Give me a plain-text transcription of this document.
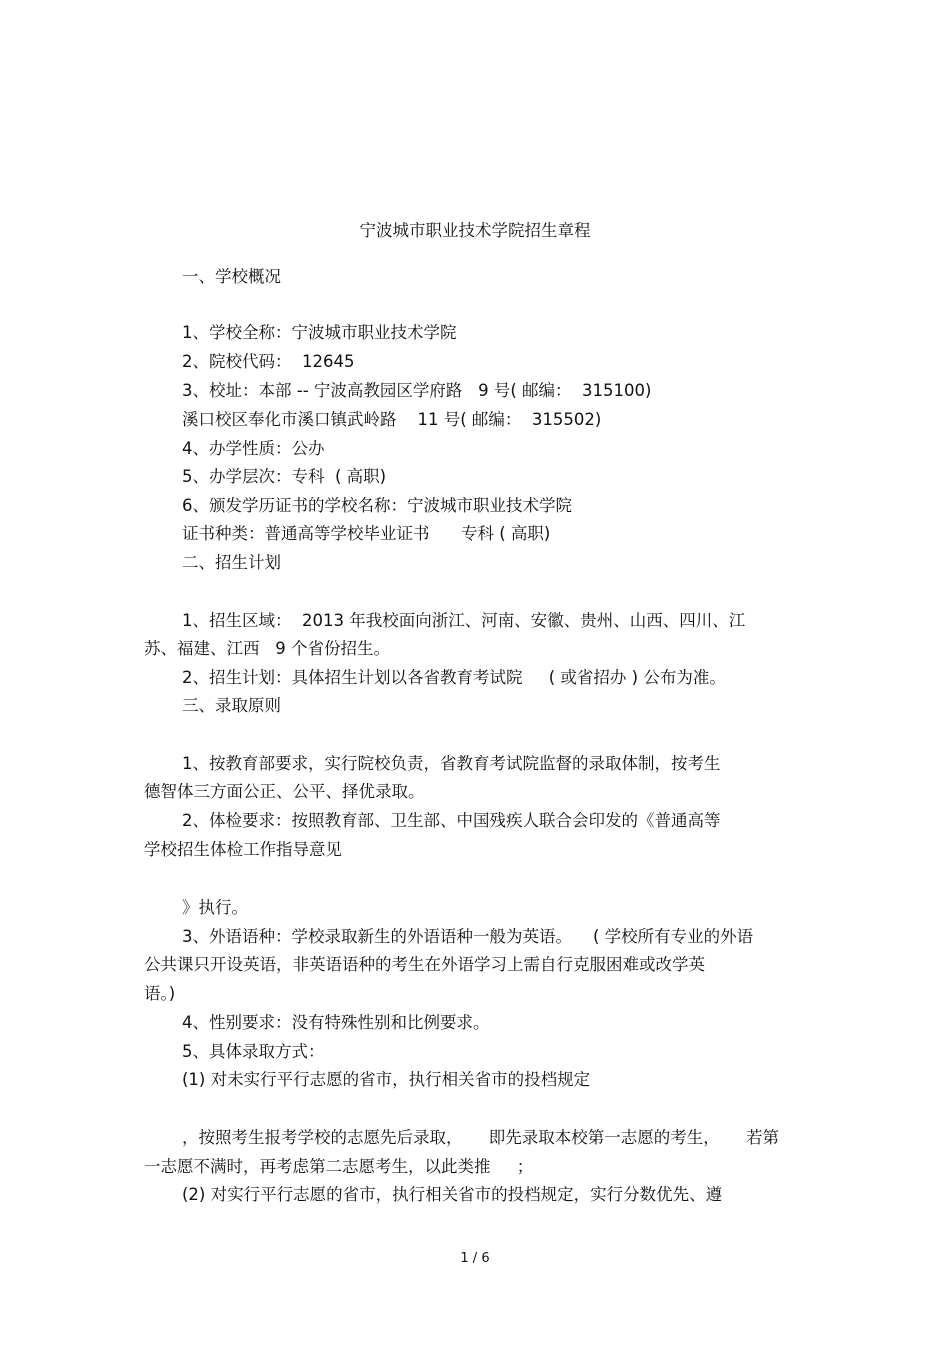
宁波城市职业技术学院招生章程
一、学校概况
1、学校全称：宁波城市职业技术学院
2、院校代码：  12645
3、校址：本部 -- 宁波高教园区学府路   9 号( 邮编：  315100)
溪口校区奉化市溪口镇武岭路    11 号( 邮编：  315502)
4、办学性质：公办
5、办学层次：专科  ( 高职)
6、颁发学历证书的学校名称：宁波城市职业技术学院
证书种类：普通高等学校毕业证书      专科 ( 高职)
二、招生计划
1、招生区域：  2013 年我校面向浙江、河南、安徽、贵州、山西、四川、江
苏、福建、江西   9 个省份招生。
2、招生计划：具体招生计划以各省教育考试院     ( 或省招办 ) 公布为准。
三、录取原则
1、按教育部要求，实行院校负责，省教育考试院监督的录取体制，按考生
德智体三方面公正、公平、择优录取。
2、体检要求：按照教育部、卫生部、中国残疾人联合会印发的《普通高等
学校招生体检工作指导意见
》执行。
3、外语语种：学校录取新生的外语语种一般为英语。    ( 学校所有专业的外语
公共课只开设英语，非英语语种的考生在外语学习上需自行克服困难或改学英
语。)
4、性别要求：没有特殊性别和比例要求。
5、具体录取方式：
(1) 对未实行平行志愿的省市，执行相关省市的投档规定
，按照考生报考学校的志愿先后录取，     即先录取本校第一志愿的考生，     若第
一志愿不满时，再考虑第二志愿考生，以此类推     ；
(2) 对实行平行志愿的省市，执行相关省市的投档规定，实行分数优先、遵
1 / 6
